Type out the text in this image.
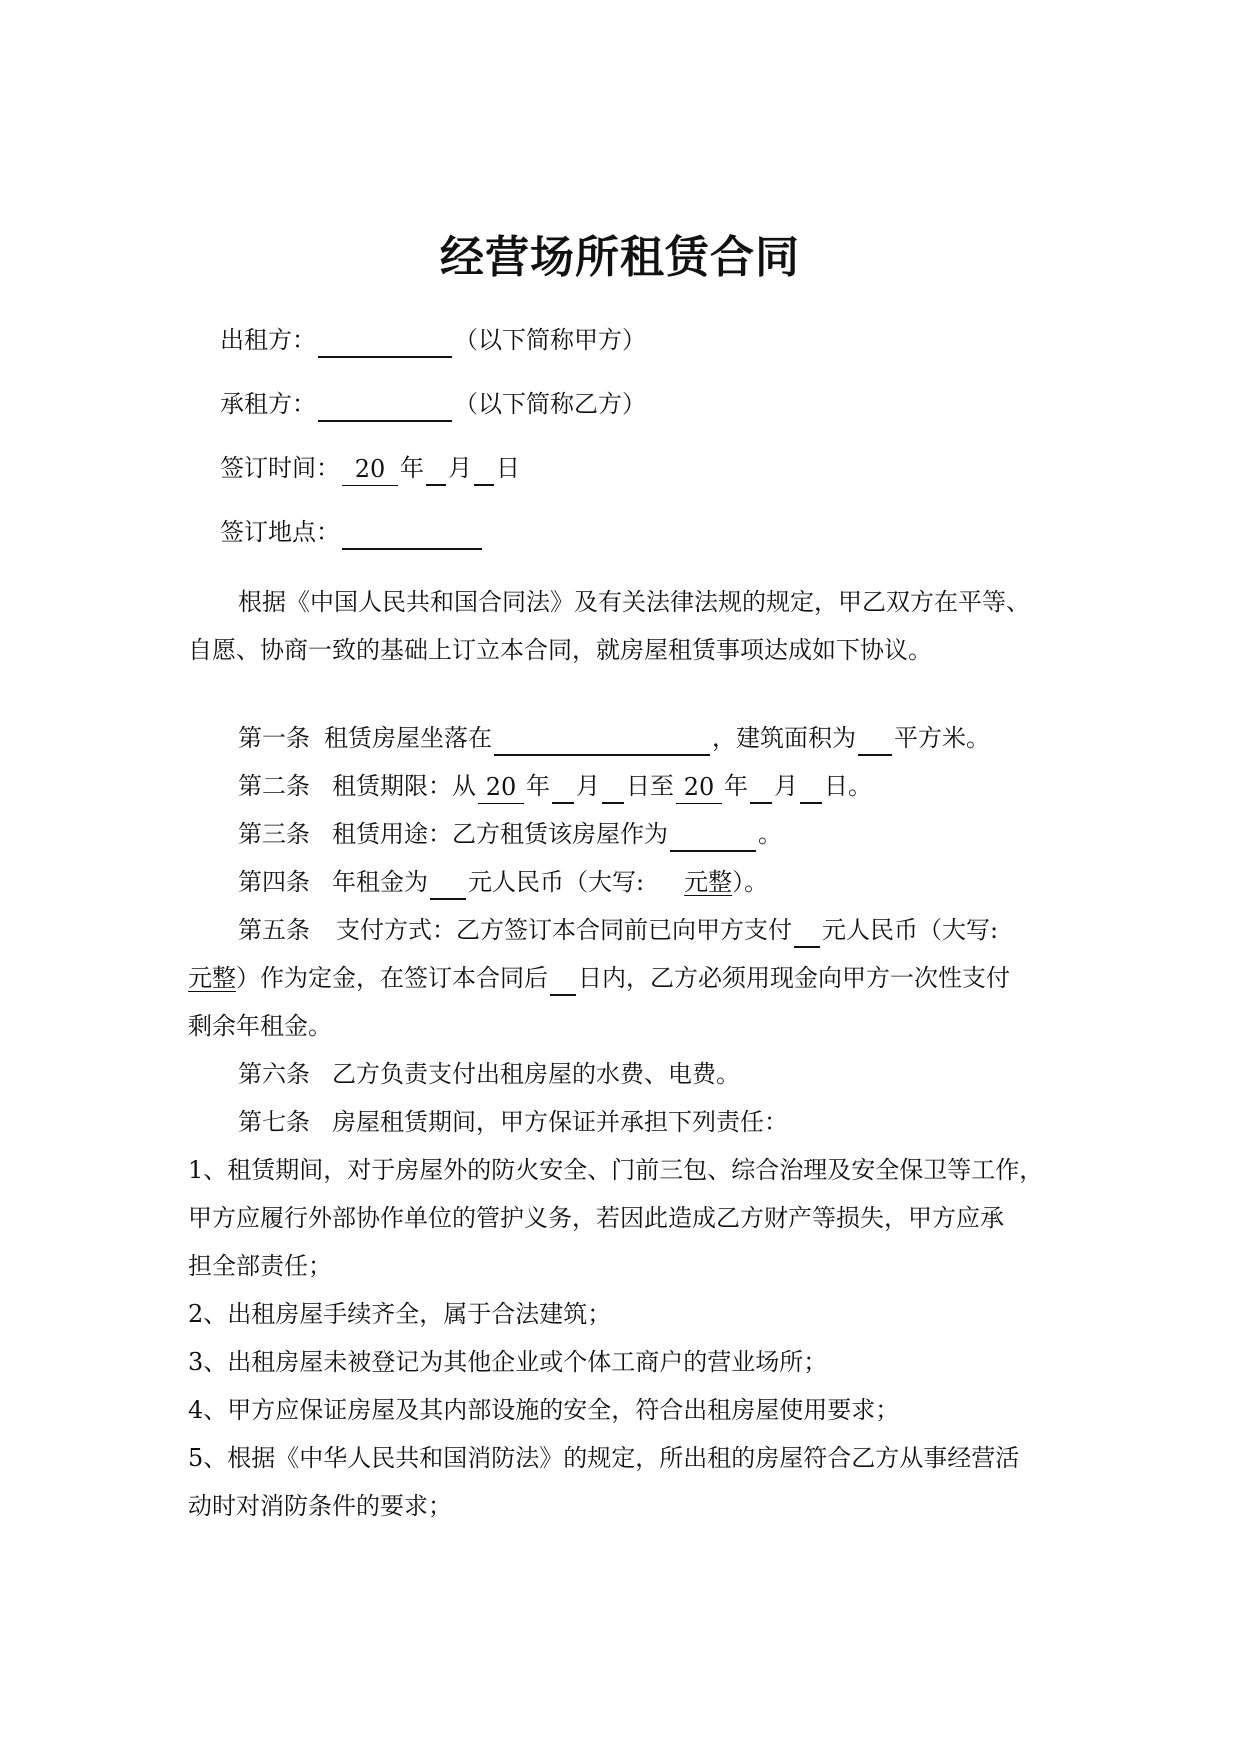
经营场所租赁合同
出租方：	（以下简称甲方）
承租方：	（以下简称乙方）
签订时间： 20 年 月 日
签订地点：
根据《中国人民共和国合同法》及有关法律法规的规定，甲乙双方在平等、
自愿、协商一致的基础上订立本合同，就房屋租赁事项达成如下协议。
第一条 租赁房屋坐落在	，建筑面积为 平方米。
第二条 租赁期限：从 20 年 月 日至 20 年 月 日。
第三条 租赁用途：乙方租赁该房屋作为	。
第四条 年租金为 元人民币（大写: 元整）。
第五条 支付方式：乙方签订本合同前已向甲方支付 元人民币（大写:
元整）作为定金，在签订本合同后 日内，乙方必须用现金向甲方一次性支付
剩余年租金。
第六条 乙方负责支付出租房屋的水费、电费。
第七条 房屋租赁期间，甲方保证并承担下列责任：
1、租赁期间，对于房屋外的防火安全、门前三包、综合治理及安全保卫等工作，
甲方应履行外部协作单位的管护义务，若因此造成乙方财产等损失，甲方应承
担全部责任；
2、出租房屋手续齐全，属于合法建筑；
3、出租房屋未被登记为其他企业或个体工商户的营业场所；
4、甲方应保证房屋及其内部设施的安全，符合出租房屋使用要求；
5、根据《中华人民共和国消防法》的规定，所出租的房屋符合乙方从事经营活
动时对消防条件的要求；
